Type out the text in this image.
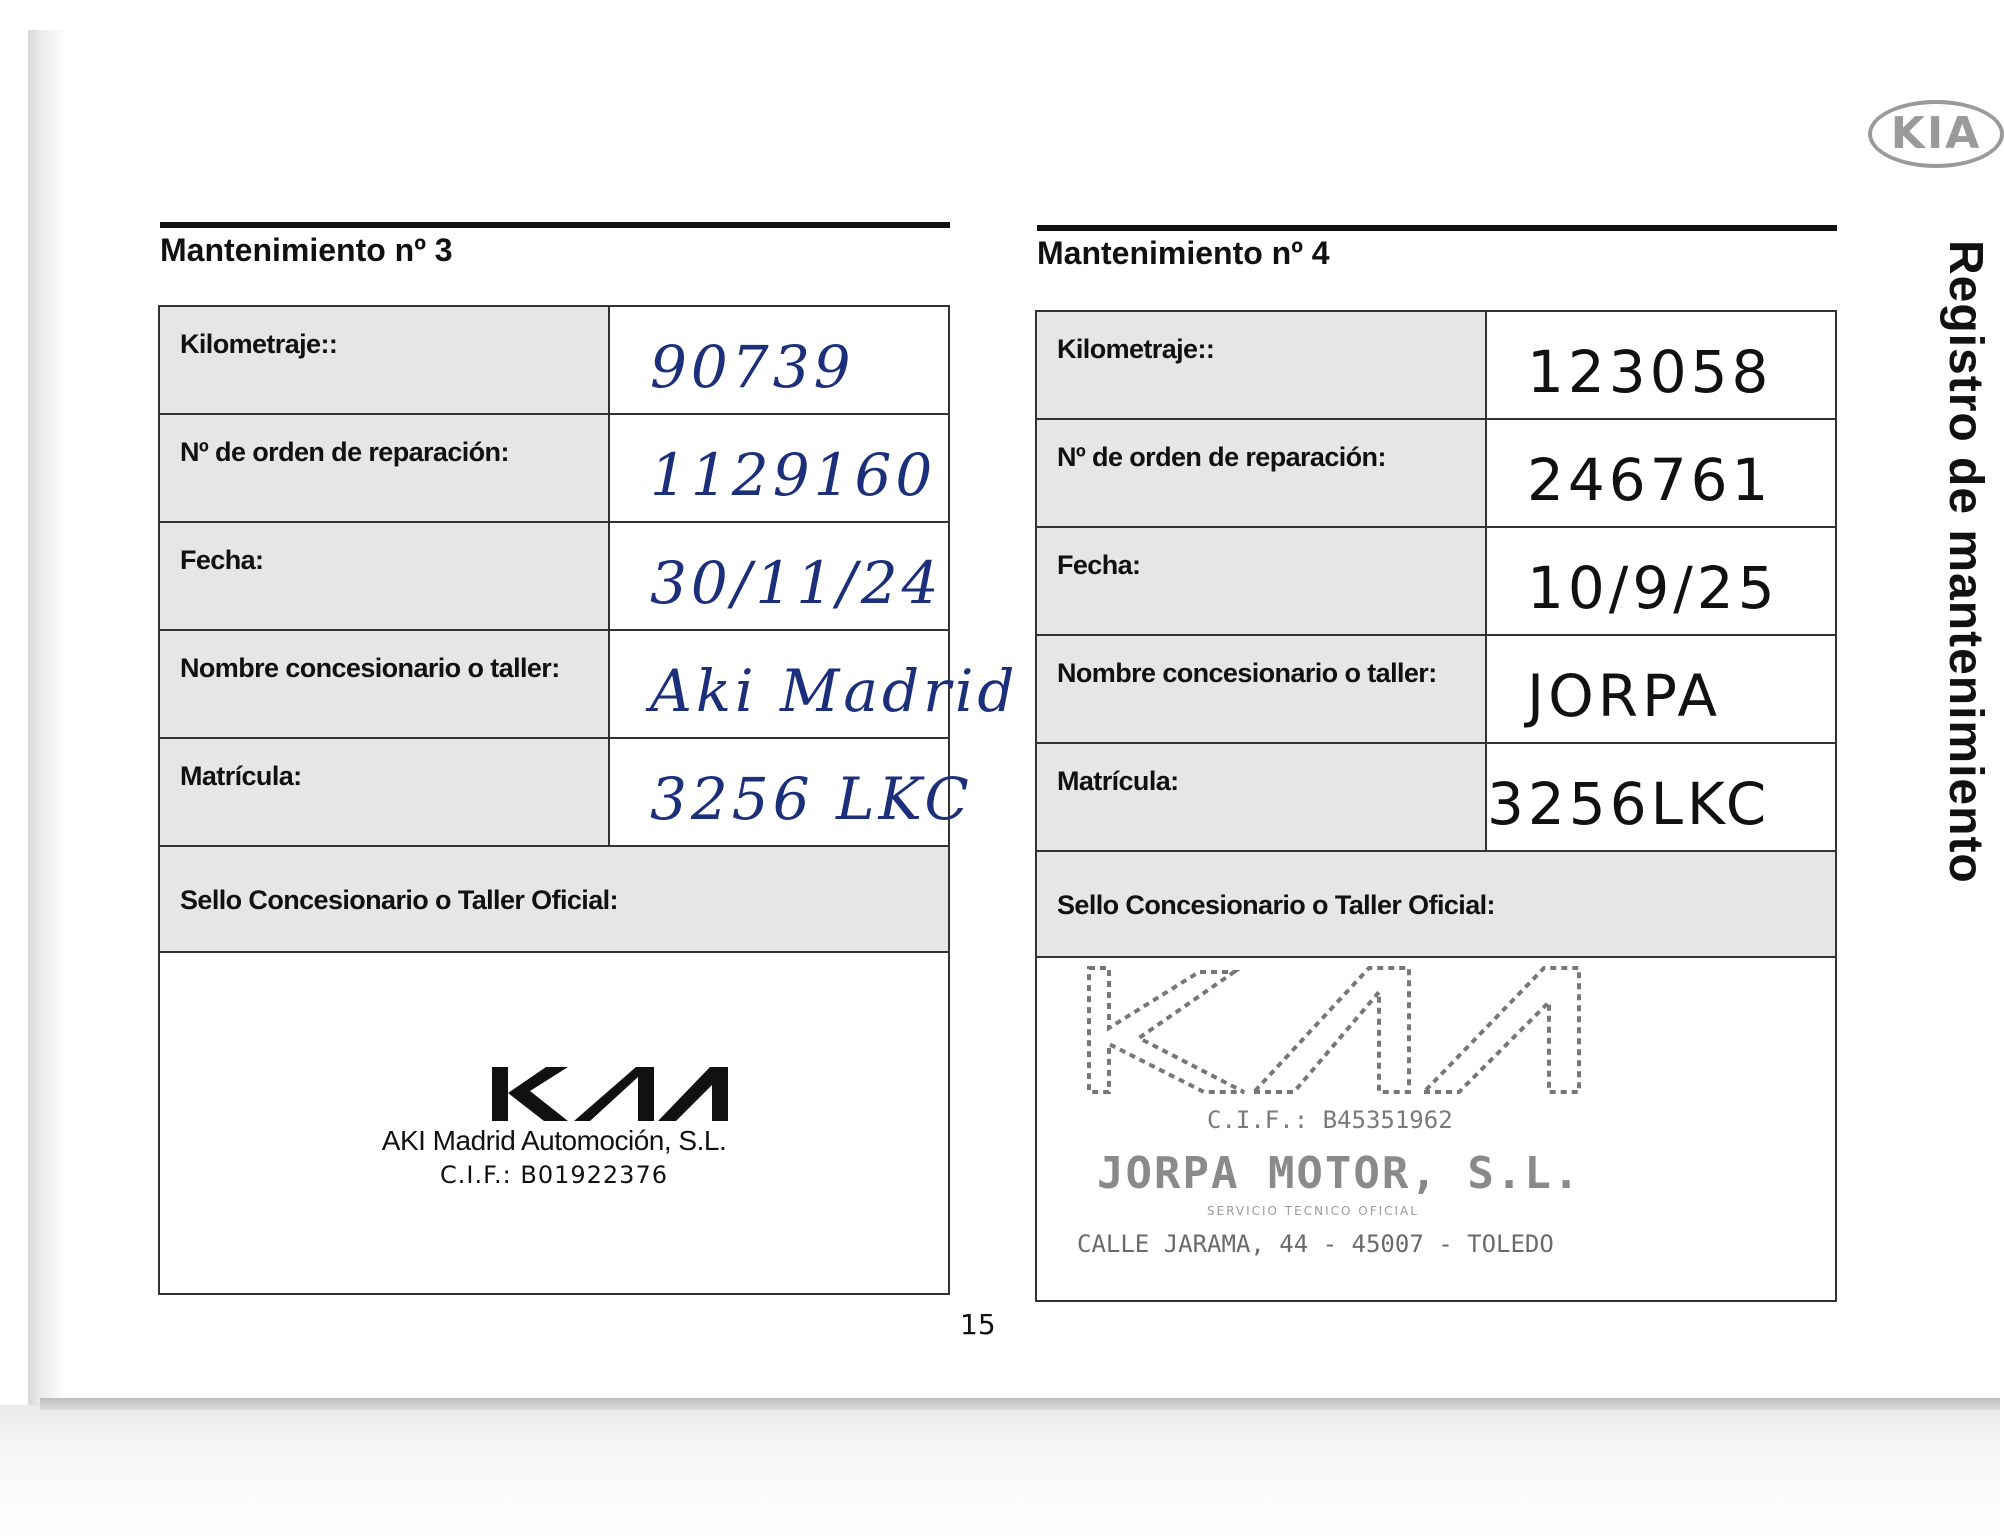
KIA
Registro de mantenimiento
Mantenimiento nº 3
Kilometraje::	90739
Nº de orden de reparación:	1129160
Fecha:	30/11/24
Nombre concesionario o taller:	Aki Madrid
Matrícula:	3256 LKC
Sello Concesionario o Taller Oficial:
AKI Madrid Automoción, S.L.
C.I.F.: B01922376
Mantenimiento nº 4
Kilometraje::	123058
Nº de orden de reparación:	246761
Fecha:	10/9/25
Nombre concesionario o taller:	JORPA
Matrícula:	3256LKC
Sello Concesionario o Taller Oficial:
C.I.F.: B45351962
JORPA MOTOR, S.L.
SERVICIO TECNICO OFICIAL
CALLE JARAMA, 44 - 45007 - TOLEDO
15
